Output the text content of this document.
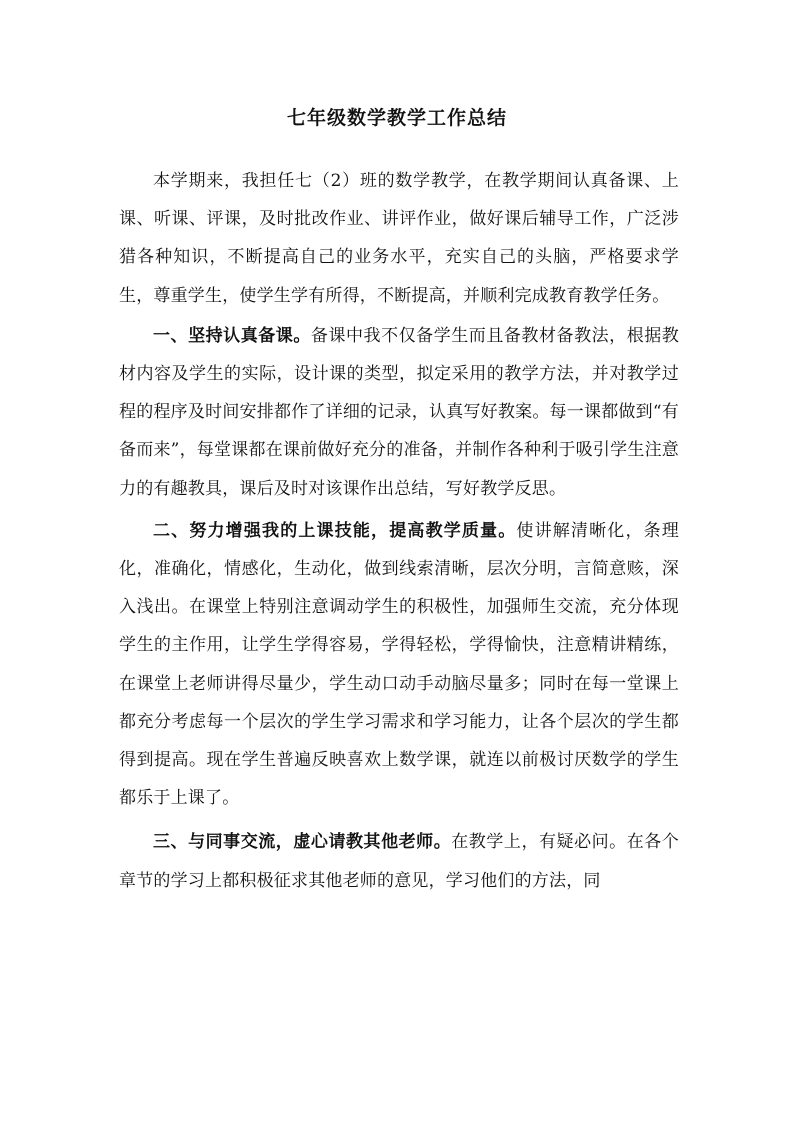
七年级数学教学工作总结

本学期来，我担任七（2）班的数学教学，在教学期间认真备课、上课、听课、评课，及时批改作业、讲评作业，做好课后辅导工作，广泛涉猎各种知识，不断提高自己的业务水平，充实自己的头脑，严格要求学生，尊重学生，使学生学有所得，不断提高，并顺利完成教育教学任务。

一、坚持认真备课。备课中我不仅备学生而且备教材备教法，根据教材内容及学生的实际，设计课的类型，拟定采用的教学方法，并对教学过程的程序及时间安排都作了详细的记录，认真写好教案。每一课都做到“有备而来”，每堂课都在课前做好充分的准备，并制作各种利于吸引学生注意力的有趣教具，课后及时对该课作出总结，写好教学反思。

二、努力增强我的上课技能，提高教学质量。使讲解清晰化，条理化，准确化，情感化，生动化，做到线索清晰，层次分明，言简意赅，深入浅出。在课堂上特别注意调动学生的积极性，加强师生交流，充分体现学生的主作用，让学生学得容易，学得轻松，学得愉快，注意精讲精练，在课堂上老师讲得尽量少，学生动口动手动脑尽量多；同时在每一堂课上都充分考虑每一个层次的学生学习需求和学习能力，让各个层次的学生都得到提高。现在学生普遍反映喜欢上数学课，就连以前极讨厌数学的学生都乐于上课了。

三、与同事交流，虚心请教其他老师。在教学上，有疑必问。在各个章节的学习上都积极征求其他老师的意见，学习他们的方法，同
